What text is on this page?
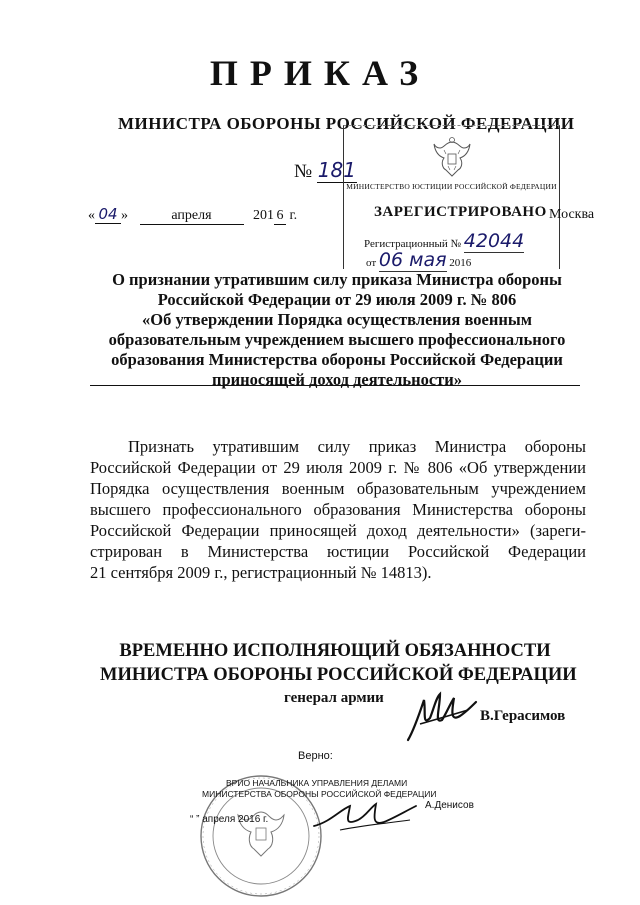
ПРИКАЗ
МИНИСТРА ОБОРОНЫ РОССИЙСКОЙ ФЕДЕРАЦИИ
№ 181
МИНИСТЕРСТВО ЮСТИЦИИ РОССИЙСКОЙ ФЕДЕРАЦИИ
ЗАРЕГИСТРИРОВАНО
Регистрационный № 42044
от 06 мая 2016
« 04 »	апреля	201 6 г.	Москва
О признании утратившим силу приказа Министра обороны
Российской Федерации от 29 июля 2009 г. № 806
«Об утверждении Порядка осуществления военным
образовательным учреждением высшего профессионального
образования Министерства обороны Российской Федерации
приносящей доход деятельности»
Признать утратившим силу приказ Министра обороны
Российской Федерации от 29 июля 2009 г. № 806 «Об утверждении
Порядка осуществления военным образовательным учреждением
высшего профессионального образования Министерства обороны
Российской Федерации приносящей доход деятельности» (зареги-
стрирован в Министерства юстиции Российской Федерации
21 сентября 2009 г., регистрационный № 14813).
ВРЕМЕННО ИСПОЛНЯЮЩИЙ ОБЯЗАННОСТИ
МИНИСТРА ОБОРОНЫ РОССИЙСКОЙ ФЕДЕРАЦИИ
генерал армии
В.Герасимов
Верно:
ВРИО НАЧАЛЬНИКА УПРАВЛЕНИЯ ДЕЛАМИ
МИНИСТЕРСТВА ОБОРОНЫ РОССИЙСКОЙ ФЕДЕРАЦИИ
А.Денисов
“ ” апреля 2016 г.
